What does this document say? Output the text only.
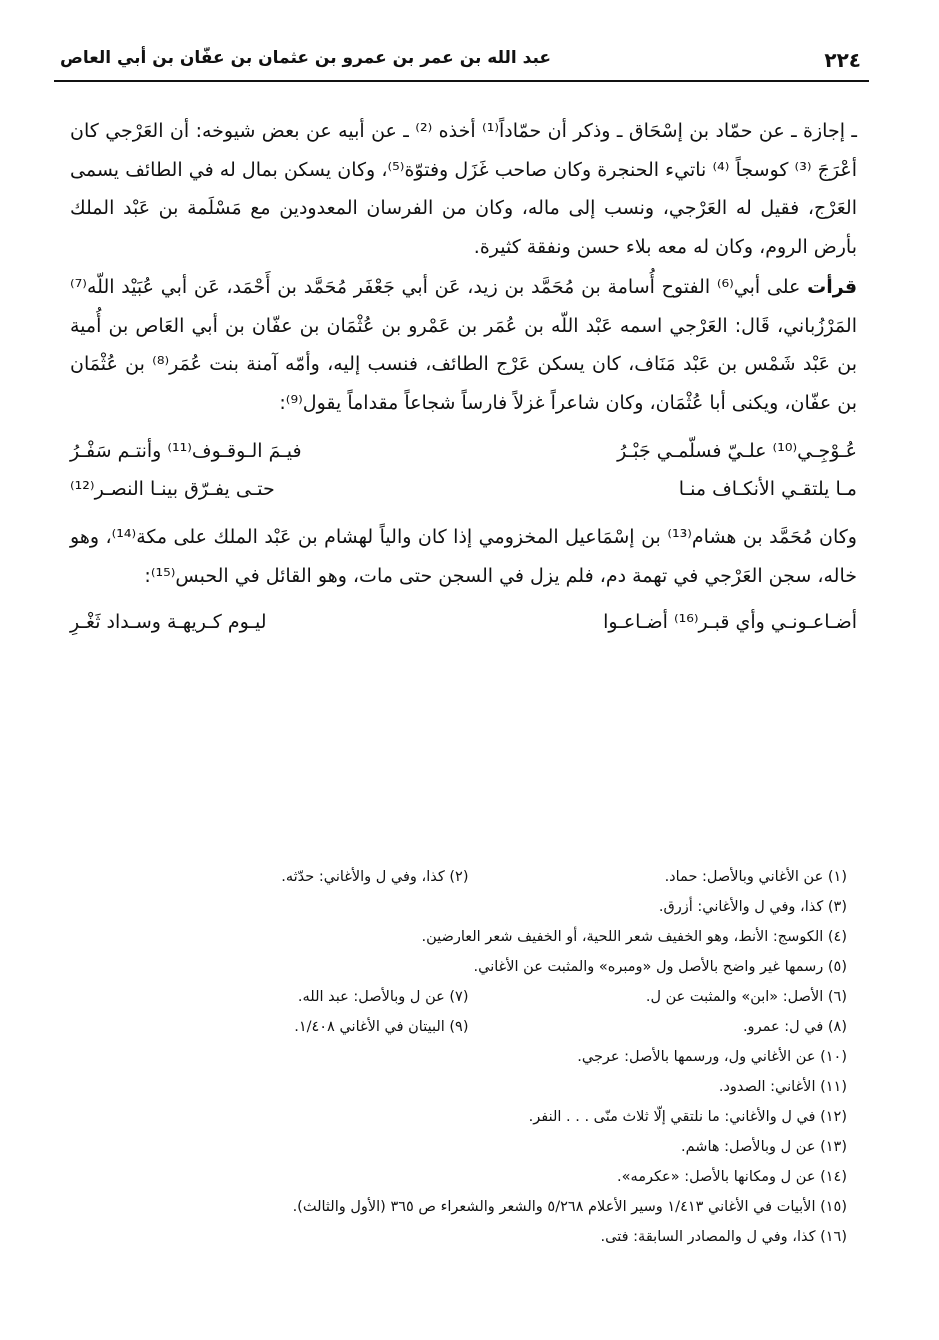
٢٢٤
عبد الله بن عمر بن عمرو بن عثمان بن عفّان بن أبي العاص

ـ إجازة ـ عن حمّاد بن إسْحَاق ـ وذكر أن حمّاداً⁽¹⁾ أخذه ⁽²⁾ ـ عن أبيه عن بعض شيوخه: أن العَرْجي كان أعْرَجَ ⁽³⁾ كوسجاً ⁽⁴⁾ ناتيء الحنجرة وكان صاحب غَزَل وفتوّة⁽⁵⁾، وكان يسكن بمال له في الطائف يسمى العَرْج، فقيل له العَرْجي، ونسب إلى ماله، وكان من الفرسان المعدودين مع مَسْلَمة بن عَبْد الملك بأرض الروم، وكان له معه بلاء حسن ونفقة كثيرة.

قرأت على أبي⁽⁶⁾ الفتوح أُسامة بن مُحَمَّد بن زيد، عَن أبي جَعْفَر مُحَمَّد بن أَحْمَد، عَن أبي عُبَيْد اللّه⁽⁷⁾ المَرْزُباني، قَال: العَرْجي اسمه عَبْد اللّه بن عُمَر بن عَمْرو بن عُثْمَان بن عفّان بن أبي العَاص بن أُمية بن عَبْد شَمْس بن عَبْد مَنَاف، كان يسكن عَرْج الطائف، فنسب إليه، وأمّه آمنة بنت عُمَر⁽⁸⁾ بن عُثْمَان بن عفّان، ويكنى أبا عُثْمَان، وكان شاعراً غزلاً فارساً شجاعاً مقداماً يقول⁽⁹⁾:

عُـوْجِـي⁽¹⁰⁾ علـيّ فسلّمـي جَبْـرُ
فيـمَ الـوقـوف⁽¹¹⁾ وأنتـم سَفْـرُ
مـا يلتقـي الأنكـاف منـا
حتـى يفـرّق بينـا النصـر⁽¹²⁾

وكان مُحَمَّد بن هشام⁽¹³⁾ بن إسْمَاعيل المخزومي إذا كان والياً لهشام بن عَبْد الملك على مكة⁽¹⁴⁾، وهو خاله، سجن العَرْجي في تهمة دم، فلم يزل في السجن حتى مات، وهو القائل في الحبس⁽¹⁵⁾:

أضـاعـونـي وأي قبـر⁽¹⁶⁾ أضـاعـوا
ليـوم كـريهـة وسـداد ثَغْـرِ
(١) عن الأغاني وبالأصل: حماد.
(٢) كذا، وفي ل والأغاني: حدّثه.
(٣) كذا، وفي ل والأغاني: أزرق.
(٤) الكوسج: الأنط، وهو الخفيف شعر اللحية، أو الخفيف شعر العارضين.
(٥) رسمها غير واضح بالأصل ول «ومبره» والمثبت عن الأغاني.
(٦) الأصل: «ابن» والمثبت عن ل.
(٧) عن ل وبالأصل: عبد الله.
(٨) في ل: عمرو.
(٩) البيتان في الأغاني ١/٤٠٨.
(١٠) عن الأغاني ول، ورسمها بالأصل: عرجي.
(١١) الأغاني: الصدود.
(١٢) في ل والأغاني: ما نلتقي إلّا ثلاث منّى . . . النفر.
(١٣) عن ل وبالأصل: هاشم.
(١٤) عن ل ومكانها بالأصل: «عكرمه».
(١٥) الأبيات في الأغاني ١/٤١٣ وسير الأعلام ٥/٢٦٨ والشعر والشعراء ص ٣٦٥ (الأول والثالث).
(١٦) كذا، وفي ل والمصادر السابقة: فتى.
